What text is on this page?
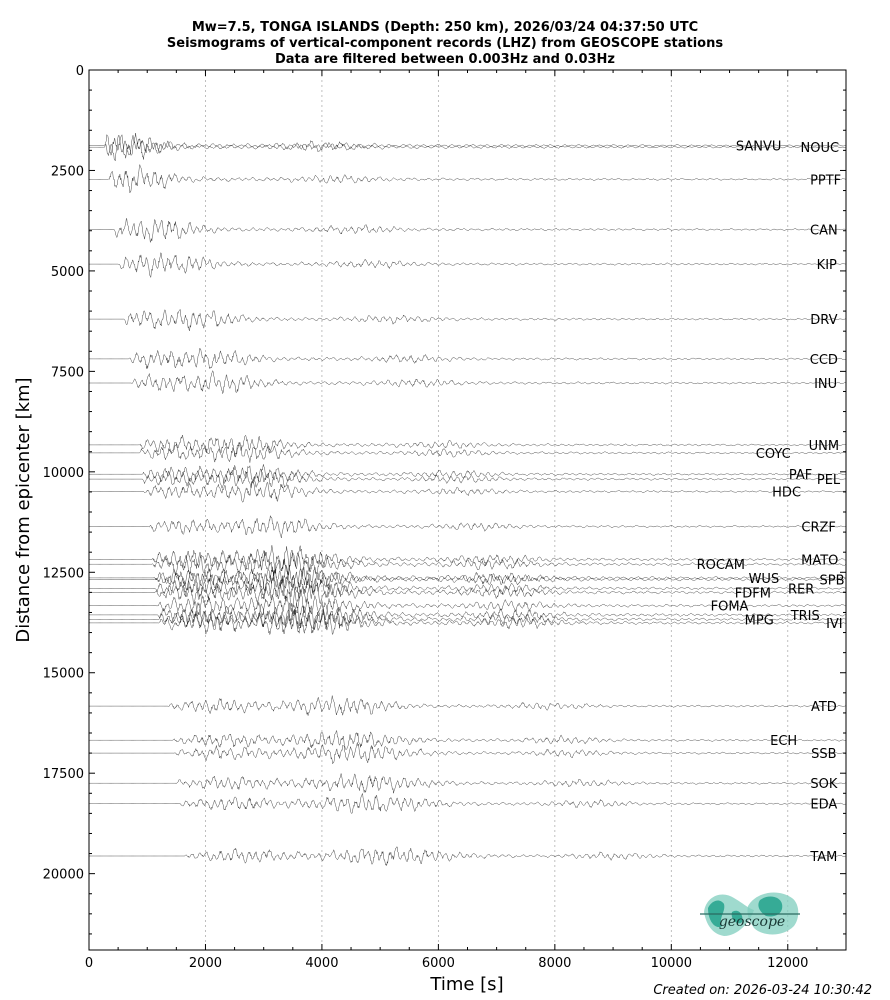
Mw=7.5, TONGA ISLANDS (Depth: 250 km), 2026/03/24 04:37:50 UTC
Seismograms of vertical-component records (LHZ) from GEOSCOPE stations
Data are filtered between 0.003Hz and 0.03Hz
SANVU NOUC
PPTF
CAN
KIP
DRV
CCD
INU
UNM
COYC
PAF PEL
HDC
CRZF
MATO
ROCAM
WUS	SPB
RER
FDFM
FOMA
TRIS
MPG	IVI
ATD
ECH
SSB
SOK
EDA
TAM
0	2000	4000	6000	8000	10000	12000
0
2500
5000
7500
10000
12500
15000
17500
20000
Time [s]
Distance from epicenter [km]
geoscope
Created on: 2026-03-24 10:30:42
